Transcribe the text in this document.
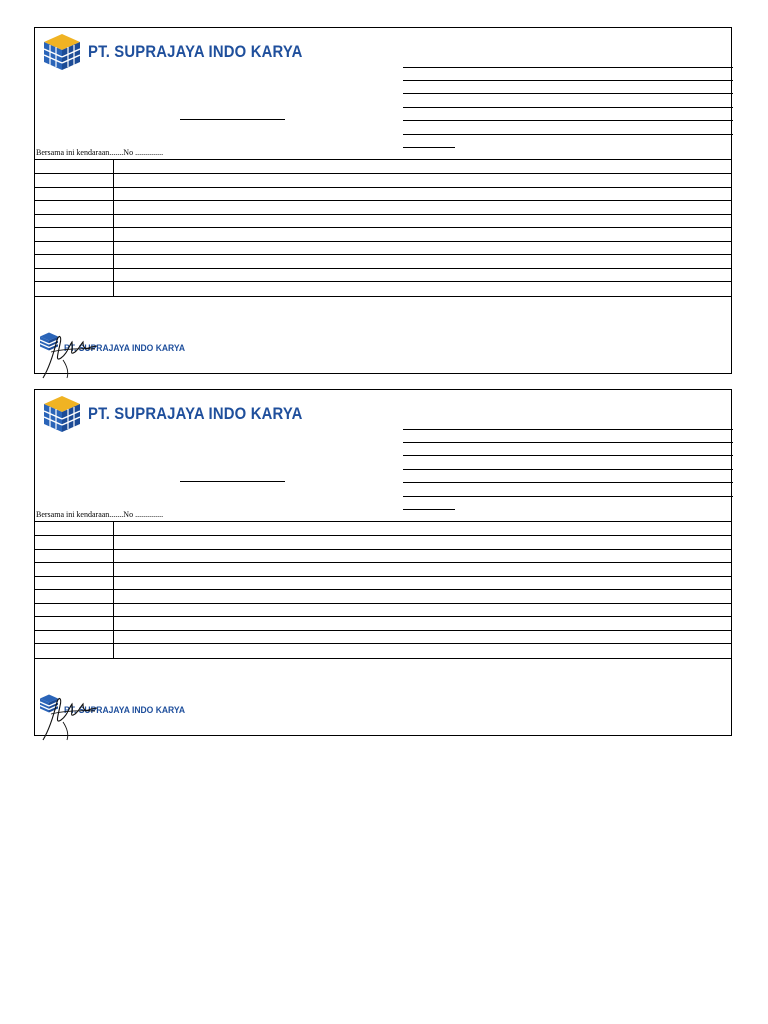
PT. SUPRAJAYA INDO KARYA
Bersama ini kendaraan.......No ..............
PT. SUPRAJAYA INDO KARYA
PT. SUPRAJAYA INDO KARYA
Bersama ini kendaraan.......No ..............
PT. SUPRAJAYA INDO KARYA
